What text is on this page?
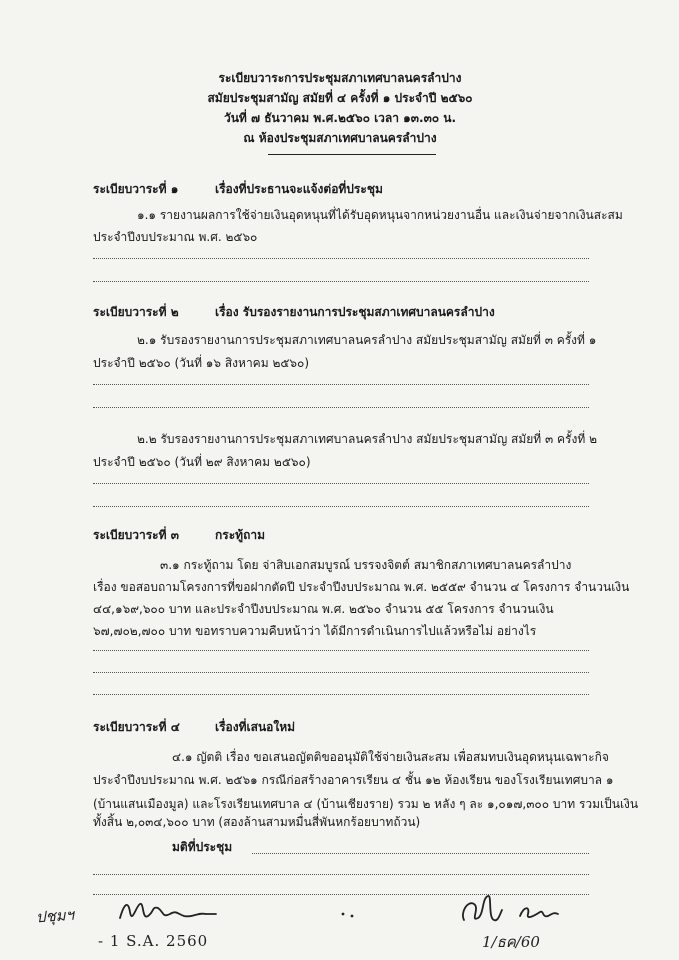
ระเบียบวาระการประชุมสภาเทศบาลนครลำปาง
สมัยประชุมสามัญ สมัยที่ ๔ ครั้งที่ ๑ ประจำปี ๒๕๖๐
วันที่ ๗ ธันวาคม พ.ศ.๒๕๖๐ เวลา ๑๓.๓๐ น.
ณ ห้องประชุมสภาเทศบาลนครลำปาง
ระเบียบวาระที่ ๑	เรื่องที่ประธานจะแจ้งต่อที่ประชุม
๑.๑ รายงานผลการใช้จ่ายเงินอุดหนุนที่ได้รับอุดหนุนจากหน่วยงานอื่น และเงินจ่ายจากเงินสะสม
ประจำปีงบประมาณ พ.ศ. ๒๕๖๐
ระเบียบวาระที่ ๒	เรื่อง รับรองรายงานการประชุมสภาเทศบาลนครลำปาง
๒.๑ รับรองรายงานการประชุมสภาเทศบาลนครลำปาง สมัยประชุมสามัญ สมัยที่ ๓ ครั้งที่ ๑
ประจำปี ๒๕๖๐ (วันที่ ๑๖ สิงหาคม ๒๕๖๐)
๒.๒ รับรองรายงานการประชุมสภาเทศบาลนครลำปาง สมัยประชุมสามัญ สมัยที่ ๓ ครั้งที่ ๒
ประจำปี ๒๕๖๐ (วันที่ ๒๙ สิงหาคม ๒๕๖๐)
ระเบียบวาระที่ ๓	กระทู้ถาม
๓.๑ กระทู้ถาม โดย จ่าสิบเอกสมบูรณ์ บรรจงจิตต์ สมาชิกสภาเทศบาลนครลำปาง
เรื่อง ขอสอบถามโครงการที่ขอฝากตัดปี ประจำปีงบประมาณ พ.ศ. ๒๕๕๙ จำนวน ๔ โครงการ จำนวนเงิน
๔๔,๑๖๙,๖๐๐ บาท และประจำปีงบประมาณ พ.ศ. ๒๕๖๐ จำนวน ๕๕ โครงการ จำนวนเงิน
๖๗,๗๐๒,๗๐๐ บาท ขอทราบความคืบหน้าว่า ได้มีการดำเนินการไปแล้วหรือไม่ อย่างไร
ระเบียบวาระที่ ๔	เรื่องที่เสนอใหม่
๔.๑ ญัตติ เรื่อง ขอเสนอญัตติขออนุมัติใช้จ่ายเงินสะสม เพื่อสมทบเงินอุดหนุนเฉพาะกิจ
ประจำปีงบประมาณ พ.ศ. ๒๕๖๑ กรณีก่อสร้างอาคารเรียน ๔ ชั้น ๑๒ ห้องเรียน ของโรงเรียนเทศบาล ๑
(บ้านแสนเมืองมูล) และโรงเรียนเทศบาล ๔ (บ้านเชียงราย) รวม ๒ หลัง ๆ ละ ๑,๐๑๗,๓๐๐ บาท รวมเป็นเงิน
ทั้งสิ้น ๒,๐๓๔,๖๐๐ บาท (สองล้านสามหมื่นสี่พันหกร้อยบาทถ้วน)
มติที่ประชุม
ปชุมฯ
- 1 S.A. 2560	1/ธค/60
